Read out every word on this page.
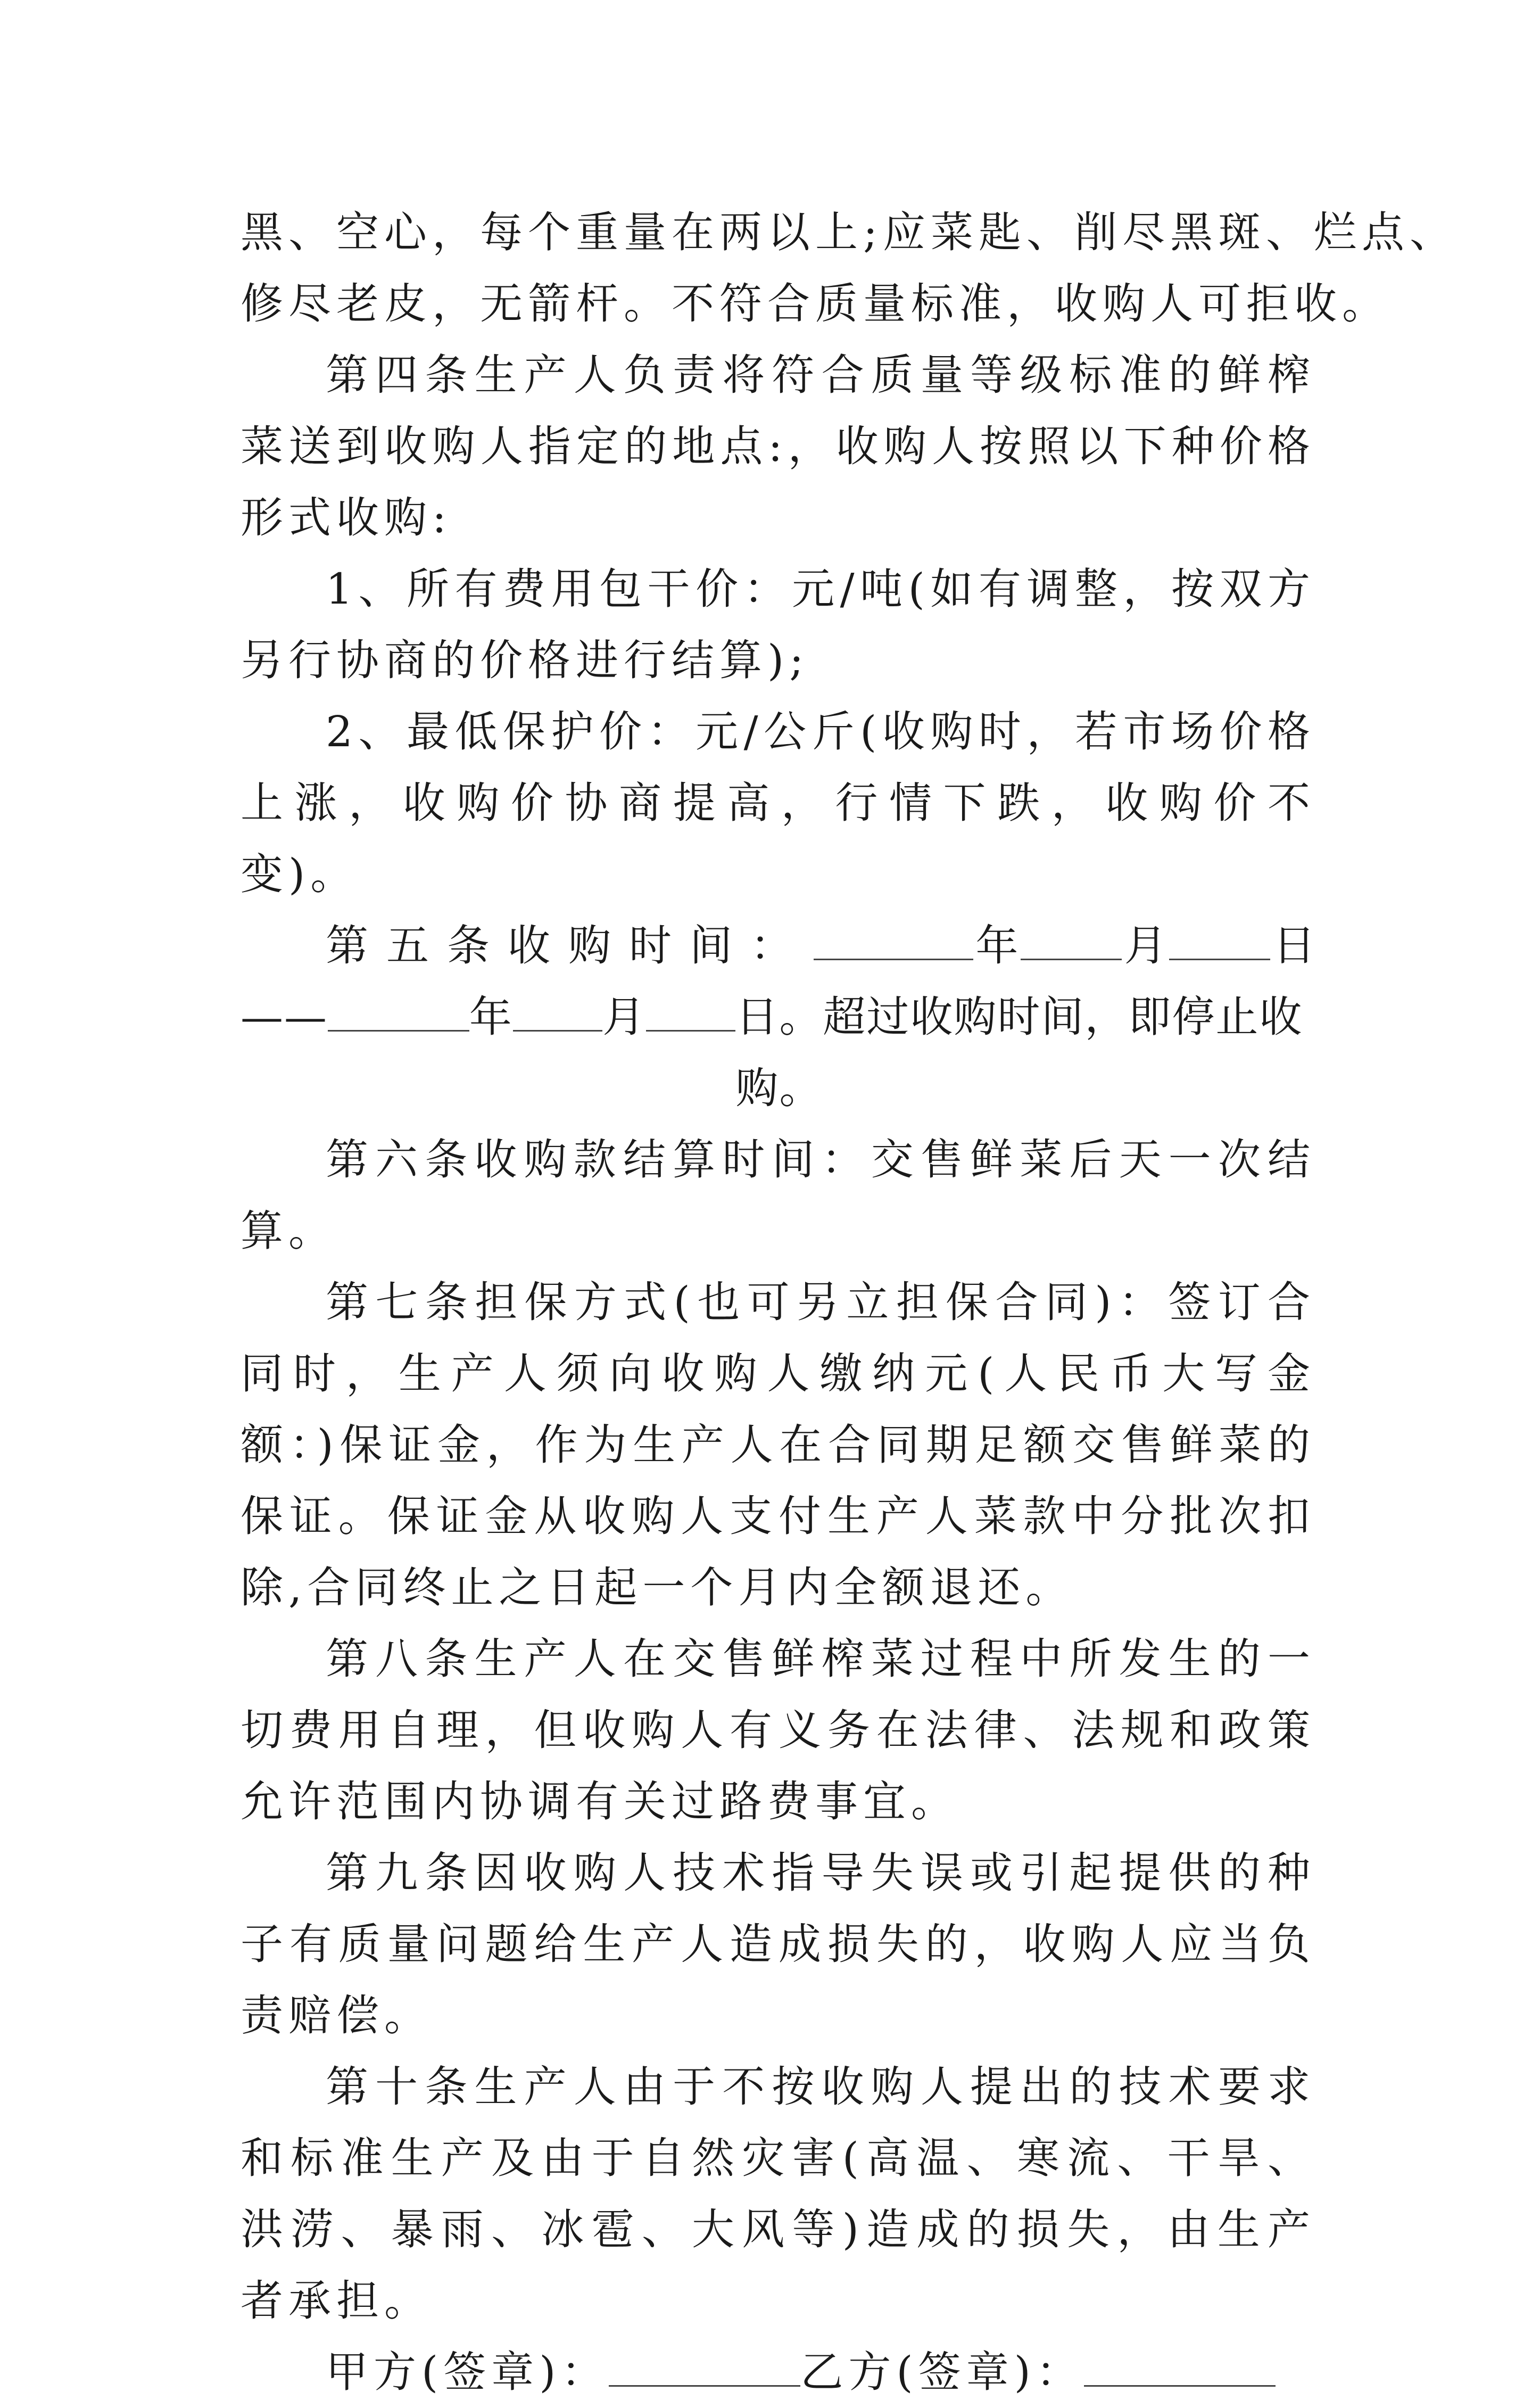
黑、空心，每个重量在两以上;应菜匙、削尽黑斑、烂点、
修尽老皮，无箭杆。不符合质量标准，收购人可拒收。

第四条生产人负责将符合质量等级标准的鲜榨菜送到收购人指定的地点:，收购人按照以下种价格形式收购:

1、所有费用包干价：元/吨(如有调整，按双方另行协商的价格进行结算);

2、最低保护价：元/公斤(收购时，若市场价格上涨，收购价协商提高，行情下跌，收购价不变)。

第五条收购时间：	年 月 日
——	年 月 日。超过收购时间，即停止收购。

第六条收购款结算时间：交售鲜菜后天一次结算。

第七条担保方式(也可另立担保合同)：签订合同时，生产人须向收购人缴纳元(人民币大写金额：)保证金，作为生产人在合同期足额交售鲜菜的保证。保证金从收购人支付生产人菜款中分批次扣除,合同终止之日起一个月内全额退还。

第八条生产人在交售鲜榨菜过程中所发生的一切费用自理，但收购人有义务在法律、法规和政策允许范围内协调有关过路费事宜。

第九条因收购人技术指导失误或引起提供的种子有质量问题给生产人造成损失的，收购人应当负责赔偿。

第十条生产人由于不按收购人提出的技术要求和标准生产及由于自然灾害(高温、寒流、干旱、洪涝、暴雨、冰雹、大风等)造成的损失，由生产者承担。

甲方(签章)：	乙方(签章)：
